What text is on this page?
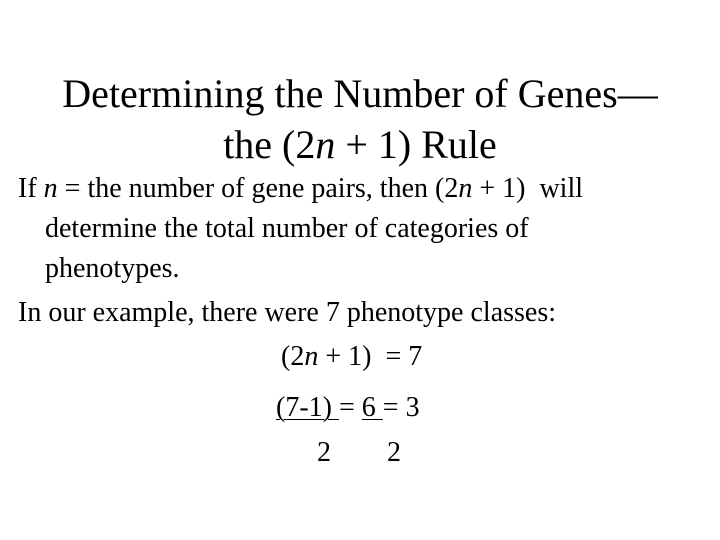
Determining the Number of Genes—
the (2n + 1) Rule
If n = the number of gene pairs, then (2n + 1)  will
determine the total number of categories of
phenotypes.
In our example, there were 7 phenotype classes:
(2n + 1)  = 7
(7-1) = 6 = 3
2        2
